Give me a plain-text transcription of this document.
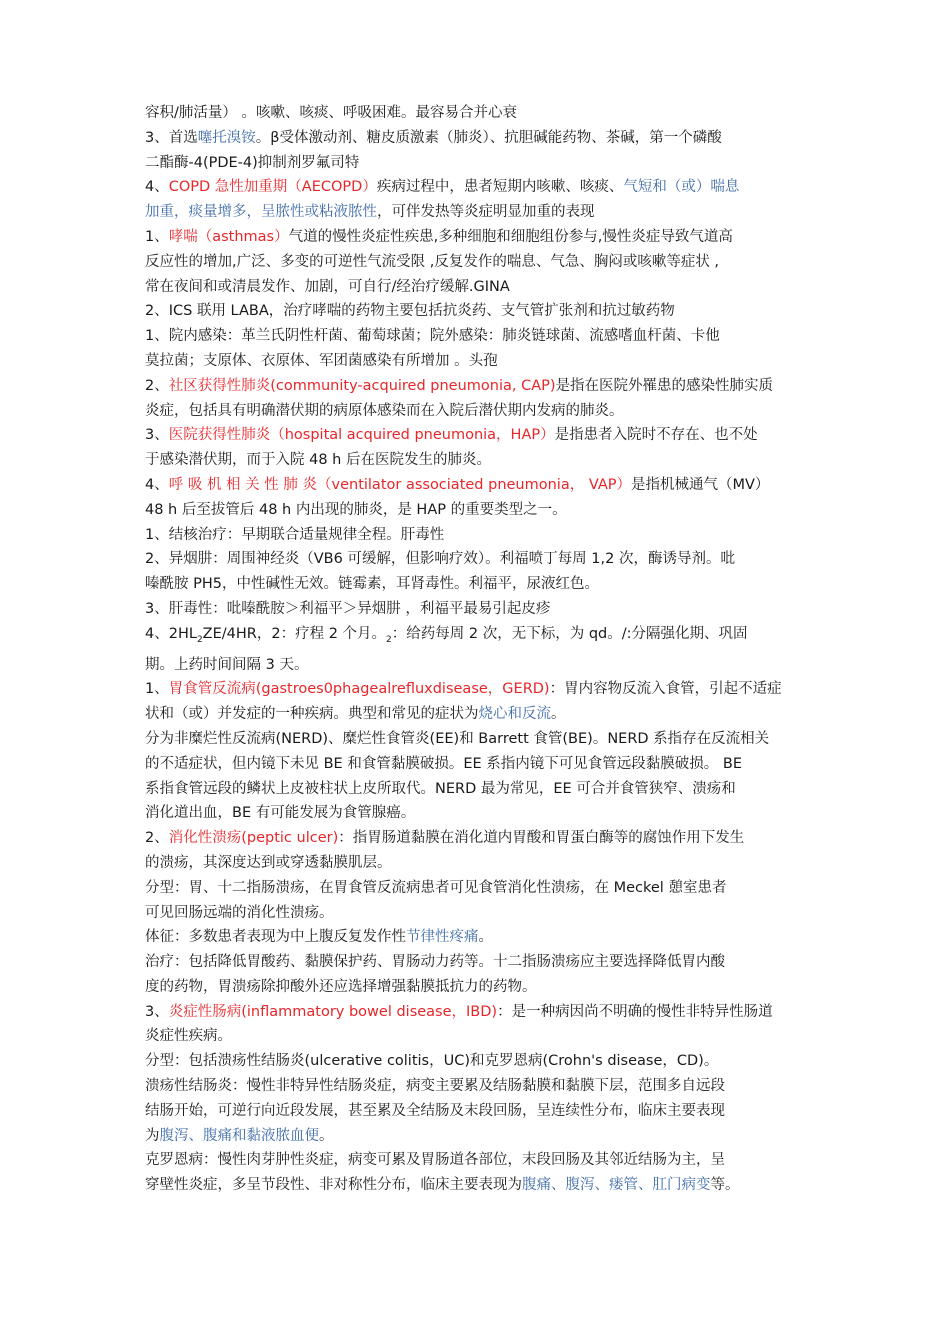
容积/肺活量） 。咳嗽、咳痰、呼吸困难。最容易合并心衰

3、首选噻托溴铵。β受体激动剂、糖皮质激素（肺炎）、抗胆碱能药物、茶碱，第一个磷酸

二酯酶-4(PDE-4)抑制剂罗氟司特

4、COPD 急性加重期（AECOPD）疾病过程中，患者短期内咳嗽、咳痰、气短和（或）喘息

加重，痰量增多，呈脓性或粘液脓性，可伴发热等炎症明显加重的表现

1、哮喘（asthmas）气道的慢性炎症性疾患,多种细胞和细胞组份参与,慢性炎症导致气道高

反应性的增加,广泛、多变的可逆性气流受限 ,反复发作的喘息、气急、胸闷或咳嗽等症状 ,

常在夜间和或清晨发作、加剧，可自行/经治疗缓解.GINA

2、ICS 联用 LABA，治疗哮喘的药物主要包括抗炎药、支气管扩张剂和抗过敏药物

1、院内感染：革兰氏阴性杆菌、葡萄球菌；院外感染：肺炎链球菌、流感嗜血杆菌、卡他

莫拉菌；支原体、衣原体、军团菌感染有所增加 。头孢

2、社区获得性肺炎(community-acquired pneumonia, CAP)是指在医院外罹患的感染性肺实质

炎症，包括具有明确潜伏期的病原体感染而在入院后潜伏期内发病的肺炎。

3、医院获得性肺炎（hospital acquired pneumonia，HAP）是指患者入院时不存在、也不处

于感染潜伏期，而于入院 48 h 后在医院发生的肺炎。

4、呼 吸 机 相 关 性 肺 炎（ventilator associated pneumonia， VAP）是指机械通气（MV）

48 h 后至拔管后 48 h 内出现的肺炎，是 HAP 的重要类型之一。

1、结核治疗：早期联合适量规律全程。肝毒性

2、异烟肼：周围神经炎（VB6 可缓解，但影响疗效）。利福喷丁每周 1,2 次，酶诱导剂。吡

嗪酰胺 PH5，中性碱性无效。链霉素，耳肾毒性。利福平，尿液红色。

3、肝毒性：吡嗪酰胺＞利福平＞异烟肼 ，利福平最易引起皮疹

4、$2HL_2ZE/4HR$，2：疗程 2 个月。$_2$：给药每周 2 次，无下标，为 qd。/:分隔强化期、巩固

期。上药时间间隔 3 天。

1、胃食管反流病(gastroes0phagealrefluxdisease，GERD)：胃内容物反流入食管，引起不适症

状和（或）并发症的一种疾病。典型和常见的症状为烧心和反流。

分为非糜烂性反流病(NERD)、糜烂性食管炎(EE)和 Barrett 食管(BE)。NERD 系指存在反流相关

的不适症状，但内镜下未见 BE 和食管黏膜破损。EE 系指内镜下可见食管远段黏膜破损。 BE

系指食管远段的鳞状上皮被柱状上皮所取代。NERD 最为常见，EE 可合并食管狭窄、溃疡和

消化道出血，BE 有可能发展为食管腺癌。

2、消化性溃疡(peptic ulcer)：指胃肠道黏膜在消化道内胃酸和胃蛋白酶等的腐蚀作用下发生

的溃疡，其深度达到或穿透黏膜肌层。

分型：胃、十二指肠溃疡，在胃食管反流病患者可见食管消化性溃疡，在 Meckel 憩室患者

可见回肠远端的消化性溃疡。

体征：多数患者表现为中上腹反复发作性节律性疼痛。

治疗：包括降低胃酸药、黏膜保护药、胃肠动力药等。十二指肠溃疡应主要选择降低胃内酸

度的药物，胃溃疡除抑酸外还应选择增强黏膜抵抗力的药物。

3、炎症性肠病(inflammatory bowel disease，IBD)：是一种病因尚不明确的慢性非特异性肠道

炎症性疾病。

分型：包括溃疡性结肠炎(ulcerative colitis，UC)和克罗恩病(Crohn's disease，CD)。

溃疡性结肠炎：慢性非特异性结肠炎症，病变主要累及结肠黏膜和黏膜下层，范围多自远段

结肠开始，可逆行向近段发展，甚至累及全结肠及末段回肠，呈连续性分布，临床主要表现

为腹泻、腹痛和黏液脓血便。

克罗恩病：慢性肉芽肿性炎症，病变可累及胃肠道各部位，末段回肠及其邻近结肠为主，呈

穿壁性炎症，多呈节段性、非对称性分布，临床主要表现为腹痛、腹泻、瘘管、肛门病变等。
